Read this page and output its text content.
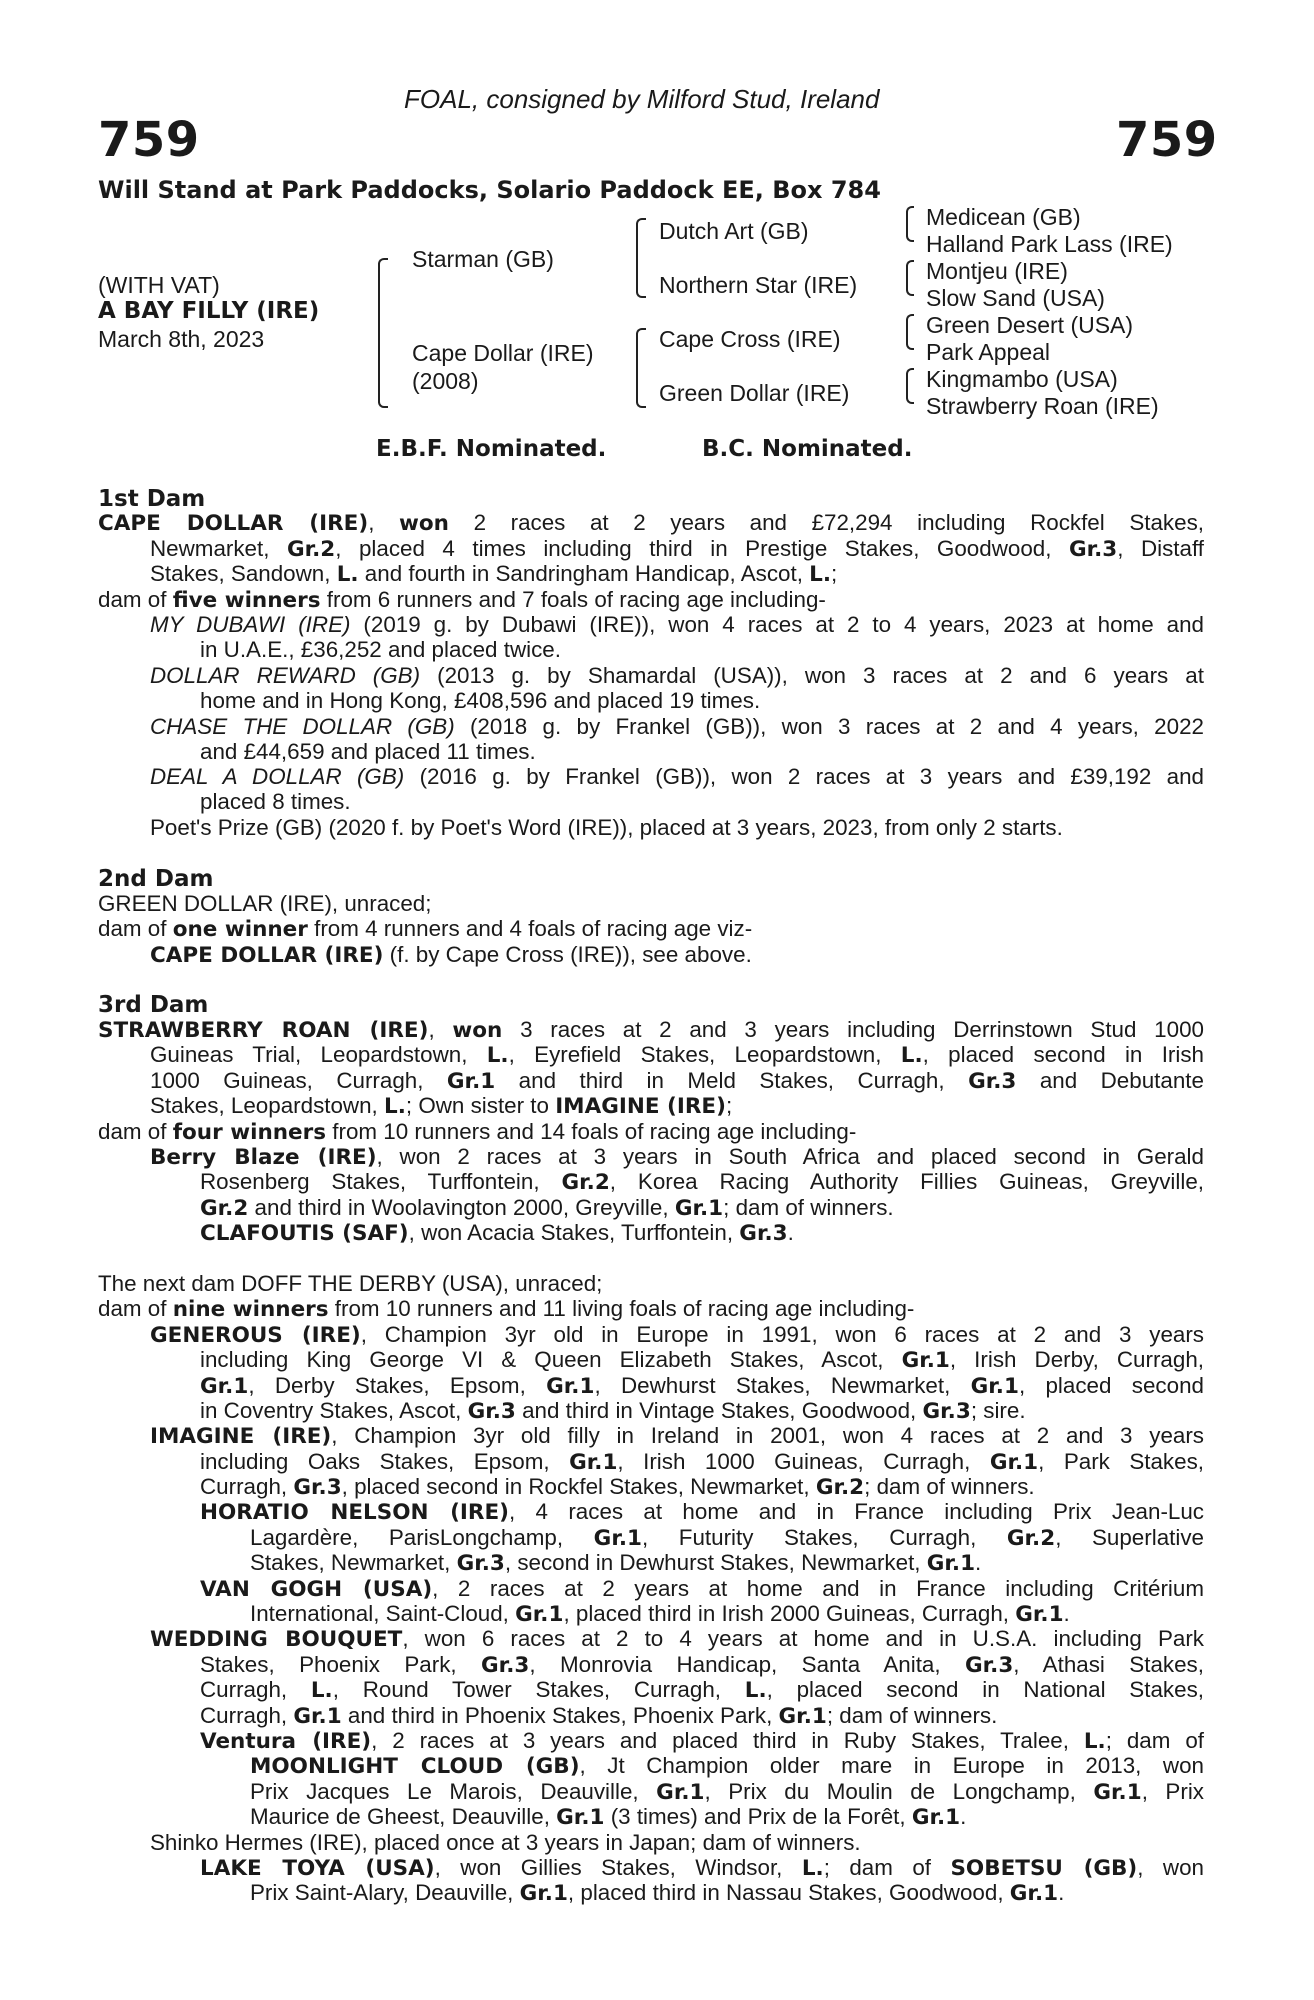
FOAL, consigned by Milford Stud, Ireland
759	759
Will Stand at Park Paddocks, Solario Paddock EE, Box 784
(WITH VAT)
A BAY FILLY (IRE)
March 8th, 2023
Starman (GB)
Cape Dollar (IRE)
(2008)
Dutch Art (GB)
Northern Star (IRE)
Cape Cross (IRE)
Green Dollar (IRE)
Medicean (GB)
Halland Park Lass (IRE)
Montjeu (IRE)
Slow Sand (USA)
Green Desert (USA)
Park Appeal
Kingmambo (USA)
Strawberry Roan (IRE)
E.B.F. Nominated.	B.C. Nominated.
1st Dam
CAPE DOLLAR (IRE), won 2 races at 2 years and £72,294 including Rockfel Stakes,
Newmarket, Gr.2, placed 4 times including third in Prestige Stakes, Goodwood, Gr.3, Distaff
Stakes, Sandown, L. and fourth in Sandringham Handicap, Ascot, L.;
dam of five winners from 6 runners and 7 foals of racing age including-
MY DUBAWI (IRE) (2019 g. by Dubawi (IRE)), won 4 races at 2 to 4 years, 2023 at home and
in U.A.E., £36,252 and placed twice.
DOLLAR REWARD (GB) (2013 g. by Shamardal (USA)), won 3 races at 2 and 6 years at
home and in Hong Kong, £408,596 and placed 19 times.
CHASE THE DOLLAR (GB) (2018 g. by Frankel (GB)), won 3 races at 2 and 4 years, 2022
and £44,659 and placed 11 times.
DEAL A DOLLAR (GB) (2016 g. by Frankel (GB)), won 2 races at 3 years and £39,192 and
placed 8 times.
Poet's Prize (GB) (2020 f. by Poet's Word (IRE)), placed at 3 years, 2023, from only 2 starts.
2nd Dam
GREEN DOLLAR (IRE), unraced;
dam of one winner from 4 runners and 4 foals of racing age viz-
CAPE DOLLAR (IRE) (f. by Cape Cross (IRE)), see above.
3rd Dam
STRAWBERRY ROAN (IRE), won 3 races at 2 and 3 years including Derrinstown Stud 1000
Guineas Trial, Leopardstown, L., Eyrefield Stakes, Leopardstown, L., placed second in Irish
1000 Guineas, Curragh, Gr.1 and third in Meld Stakes, Curragh, Gr.3 and Debutante
Stakes, Leopardstown, L.; Own sister to IMAGINE (IRE);
dam of four winners from 10 runners and 14 foals of racing age including-
Berry Blaze (IRE), won 2 races at 3 years in South Africa and placed second in Gerald
Rosenberg Stakes, Turffontein, Gr.2, Korea Racing Authority Fillies Guineas, Greyville,
Gr.2 and third in Woolavington 2000, Greyville, Gr.1; dam of winners.
CLAFOUTIS (SAF), won Acacia Stakes, Turffontein, Gr.3.
The next dam DOFF THE DERBY (USA), unraced;
dam of nine winners from 10 runners and 11 living foals of racing age including-
GENEROUS (IRE), Champion 3yr old in Europe in 1991, won 6 races at 2 and 3 years
including King George VI & Queen Elizabeth Stakes, Ascot, Gr.1, Irish Derby, Curragh,
Gr.1, Derby Stakes, Epsom, Gr.1, Dewhurst Stakes, Newmarket, Gr.1, placed second
in Coventry Stakes, Ascot, Gr.3 and third in Vintage Stakes, Goodwood, Gr.3; sire.
IMAGINE (IRE), Champion 3yr old filly in Ireland in 2001, won 4 races at 2 and 3 years
including Oaks Stakes, Epsom, Gr.1, Irish 1000 Guineas, Curragh, Gr.1, Park Stakes,
Curragh, Gr.3, placed second in Rockfel Stakes, Newmarket, Gr.2; dam of winners.
HORATIO NELSON (IRE), 4 races at home and in France including Prix Jean-Luc
Lagardère, ParisLongchamp, Gr.1, Futurity Stakes, Curragh, Gr.2, Superlative
Stakes, Newmarket, Gr.3, second in Dewhurst Stakes, Newmarket, Gr.1.
VAN GOGH (USA), 2 races at 2 years at home and in France including Critérium
International, Saint-Cloud, Gr.1, placed third in Irish 2000 Guineas, Curragh, Gr.1.
WEDDING BOUQUET, won 6 races at 2 to 4 years at home and in U.S.A. including Park
Stakes, Phoenix Park, Gr.3, Monrovia Handicap, Santa Anita, Gr.3, Athasi Stakes,
Curragh, L., Round Tower Stakes, Curragh, L., placed second in National Stakes,
Curragh, Gr.1 and third in Phoenix Stakes, Phoenix Park, Gr.1; dam of winners.
Ventura (IRE), 2 races at 3 years and placed third in Ruby Stakes, Tralee, L.; dam of
MOONLIGHT CLOUD (GB), Jt Champion older mare in Europe in 2013, won
Prix Jacques Le Marois, Deauville, Gr.1, Prix du Moulin de Longchamp, Gr.1, Prix
Maurice de Gheest, Deauville, Gr.1 (3 times) and Prix de la Forêt, Gr.1.
Shinko Hermes (IRE), placed once at 3 years in Japan; dam of winners.
LAKE TOYA (USA), won Gillies Stakes, Windsor, L.; dam of SOBETSU (GB), won
Prix Saint-Alary, Deauville, Gr.1, placed third in Nassau Stakes, Goodwood, Gr.1.
